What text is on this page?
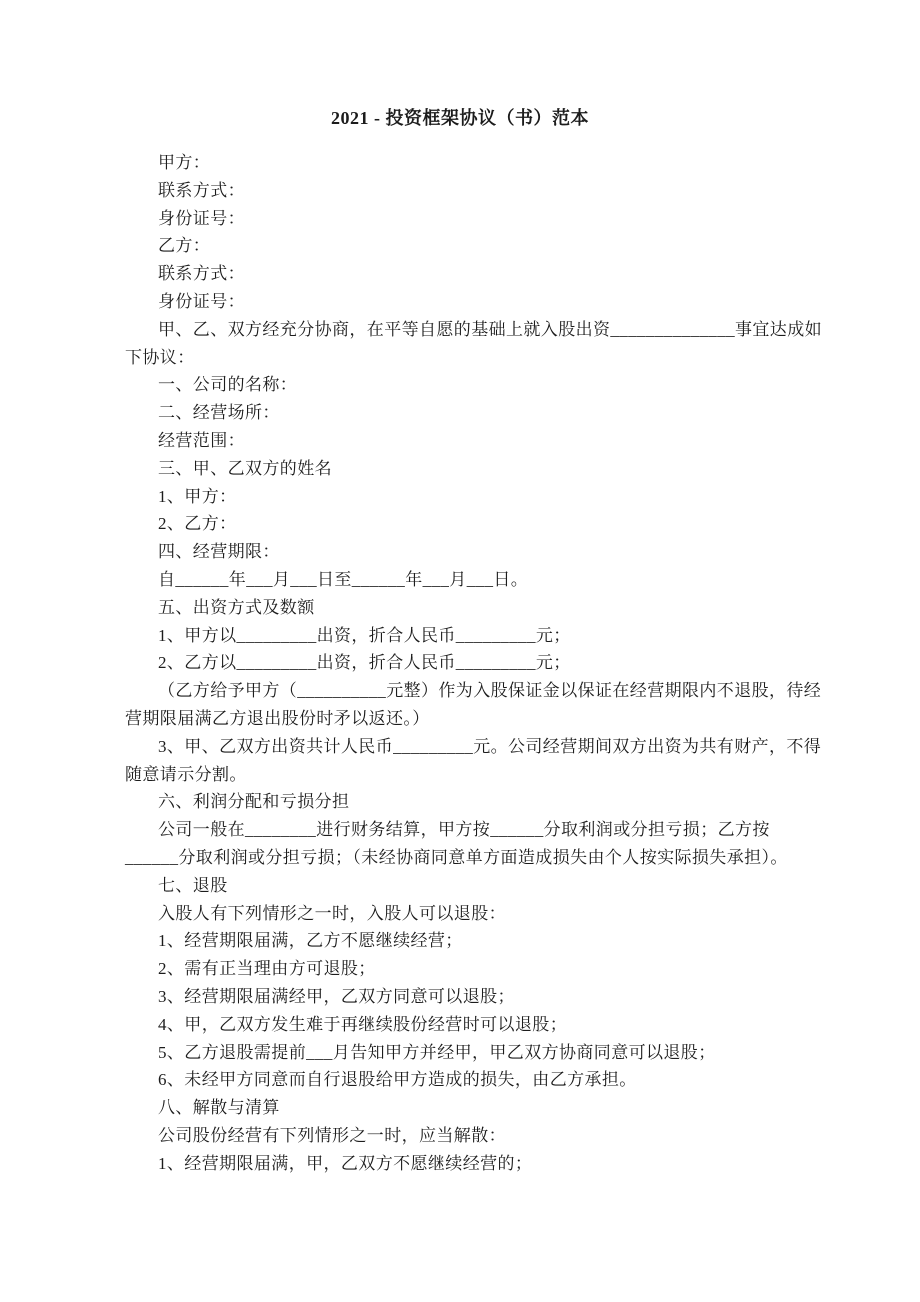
2021 - 投资框架协议（书）范本
甲方：
联系方式：
身份证号：
乙方：
联系方式：
身份证号：
甲、乙、双方经充分协商，在平等自愿的基础上就入股出资______________事宜达成如
下协议：
一、公司的名称：
二、经营场所：
经营范围：
三、甲、乙双方的姓名
1、甲方：
2、乙方：
四、经营期限：
自______年___月___日至______年___月___日。
五、出资方式及数额
1、甲方以_________出资，折合人民币_________元；
2、乙方以_________出资，折合人民币_________元；
（乙方给予甲方（__________元整）作为入股保证金以保证在经营期限内不退股，待经
营期限届满乙方退出股份时矛以返还。）
3、甲、乙双方出资共计人民币_________元。公司经营期间双方出资为共有财产，不得
随意请示分割。
六、利润分配和亏损分担
公司一般在________进行财务结算，甲方按______分取利润或分担亏损；乙方按
______分取利润或分担亏损；（未经协商同意单方面造成损失由个人按实际损失承担）。
七、退股
入股人有下列情形之一时，入股人可以退股：
1、经营期限届满，乙方不愿继续经营；
2、需有正当理由方可退股；
3、经营期限届满经甲，乙双方同意可以退股；
4、甲，乙双方发生难于再继续股份经营时可以退股；
5、乙方退股需提前___月告知甲方并经甲，甲乙双方协商同意可以退股；
6、未经甲方同意而自行退股给甲方造成的损失，由乙方承担。
八、解散与清算
公司股份经营有下列情形之一时，应当解散：
1、经营期限届满，甲，乙双方不愿继续经营的；
